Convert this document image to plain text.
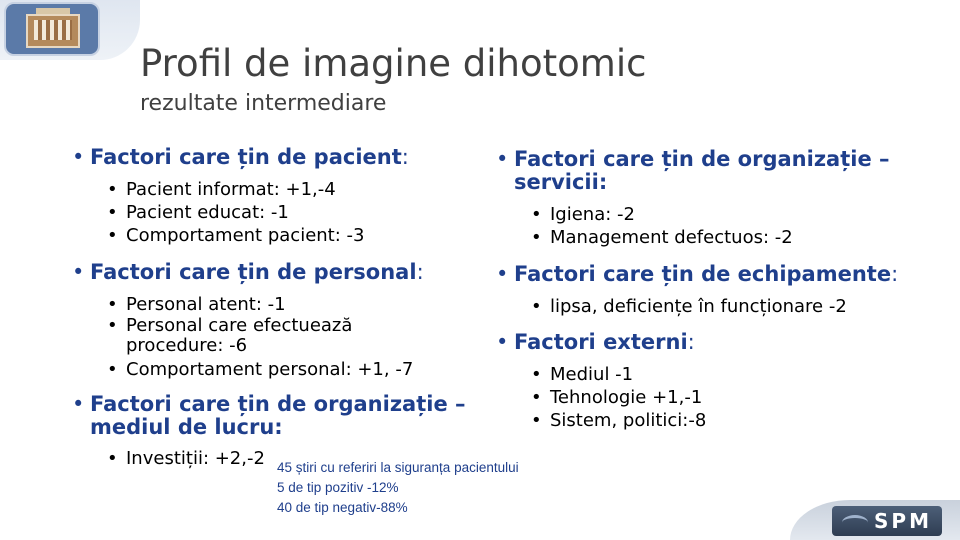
SPM
Profil de imagine dihotomic
rezultate intermediare
• Factori care țin de pacient:
• Pacient informat: +1,-4
• Pacient educat: -1
• Comportament pacient: -3
• Factori care țin de personal:
• Personal atent: -1
• Personal care efectuează procedure: -6
• Comportament personal: +1, -7
• Factori care țin de organizație – mediul de lucru:
• Investiții: +2,-2
• Factori care țin de organizație – servicii:
• Igiena: -2
• Management defectuos: -2
• Factori care țin de echipamente:
• lipsa, deficiențe în funcționare -2
• Factori externi:
• Mediul -1
• Tehnologie +1,-1
• Sistem, politici:-8
45 știri cu referiri la siguranța pacientului
5 de tip pozitiv -12%
40 de tip negativ-88%
